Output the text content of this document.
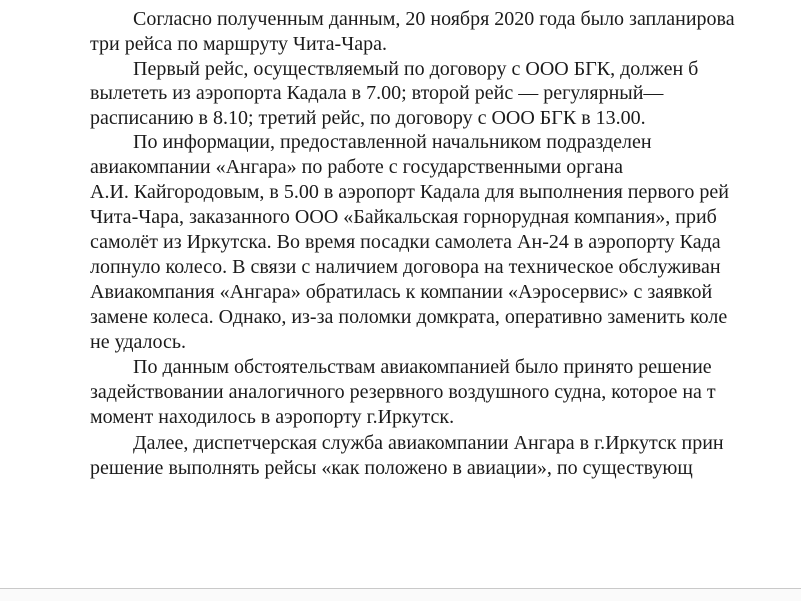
Согласно полученным данным, 20 ноября 2020 года было запланирова
три рейса по маршруту Чита-Чара.
Первый рейс, осуществляемый по договору с ООО БГК, должен б
вылететь из аэропорта Кадала в 7.00; второй рейс — регулярный—
расписанию в 8.10; третий рейс, по договору с ООО БГК в 13.00.
По информации, предоставленной начальником подразделен
авиакомпании «Ангара» по работе с государственными органа
А.И. Кайгородовым, в 5.00 в аэропорт Кадала для выполнения первого рей
Чита-Чара, заказанного ООО «Байкальская горнорудная компания», приб
самолёт из Иркутска. Во время посадки самолета Ан-24 в аэропорту Када
лопнуло колесо. В связи с наличием договора на техническое обслуживан
Авиакомпания «Ангара» обратилась к компании «Аэросервис» с заявкой
замене колеса. Однако, из-за поломки домкрата, оперативно заменить коле
не удалось.
По данным обстоятельствам авиакомпанией было принято решение
задействовании аналогичного резервного воздушного судна, которое на т
момент находилось в аэропорту г.Иркутск.
Далее, диспетчерская служба авиакомпании Ангара в г.Иркутск прин
решение выполнять рейсы «как положено в авиации», по существующ
